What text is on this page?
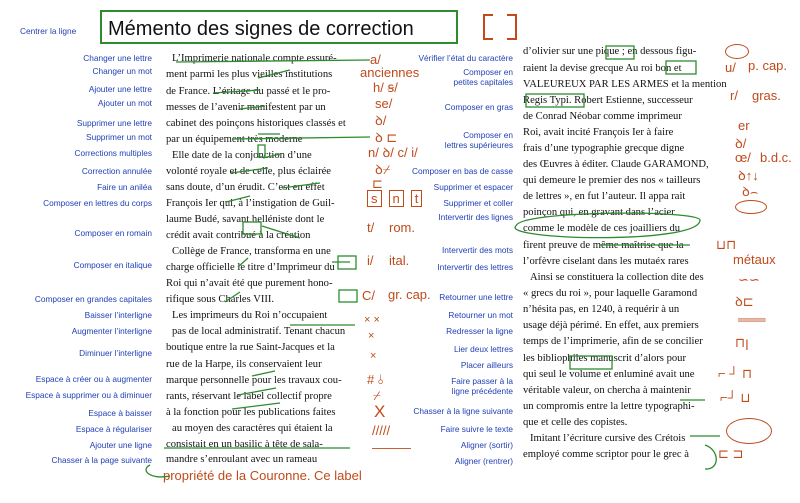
Mémento des signes de correction
Centrer la ligne
Changer une lettre
Changer un mot
Ajouter une lettre
Ajouter un mot
Supprimer une lettre
Supprimer un mot
Corrections multiples
Correction annulée
Faire un aniléa
Composer en lettres du corps
Composer en romain
Composer en italique
Composer en grandes capitales
Baisser l’interligne
Augmenter l’interligne
Diminuer l’interligne
Espace à créer ou à augmenter
Espace à supprimer ou à diminuer
Espace à baisser
Espace à régulariser
Ajouter une ligne
Chasser à la page suivante
Vérifier l’état du caractère
Composer en
petites capitales
Composer en gras
Composer en
lettres supérieures
Composer en bas de casse
Supprimer et espacer
Supprimer et coller
Intervertir des lignes
Intervertir des mots
Intervertir des lettres
Retourner une lettre
Retourner un mot
Redresser la ligne
Lier deux lettres
Placer ailleurs
Faire passer à la
ligne précédente
Chasser à la ligne suivante
Faire suivre le texte
Aligner (sortir)
Aligner (rentrer)
L’Imprimerie nationale compte essuré-
ment parmi les plus vieilles institutions
de France. L’éritage du passé et le pro-
messes de l’avenir manifestent par un
cabinet des poinçons historiques classés et
par un équipement très moderne
Elle date de la conjonction d’une
volonté royale et de celle, plus éclairée
sans doute, d’un érudit. C’est en effet
François Ier qui, à l’instigation de Guil-
laume Budé, savant helléniste dont le
crédit avait contribué à la création
Collège de France, transforma en une
charge officielle le titre d’Imprimeur du
Roi qui n’avait été que purement hono-
rifique sous Charles VIII.
Les imprimeurs du Roi n’occupaient
pas de local administratif. Tenant chacun
boutique entre la rue Saint-Jacques et la
rue de la Harpe, ils conservaient leur
marque personnelle pour les travaux cou-
rants, réservant le label collectif propre
à la fonction pour les publications faites
au moyen des caractères qui étaient la
consistait en un basilic à tête de sala-
mandre s’enroulant avec un rameau
propriété de la Couronne. Ce label
d’olivier sur une pique ; en dessous figu-
raient la devise grecque Au roi bon et
VALEUREUX PAR LES ARMES et la mention
Regis Typi. Robert Estienne, successeur
de Conrad Néobar comme imprimeur
Roi, avait incité François Ier à faire
frais d’une typographie grecque digne
des Œuvres à éditer. Claude GARAMOND,
qui demeure le premier des nos « tailleurs
de lettres », en fut l’auteur. Il appa rait
poinçon qui, en gravant dans l’acier
comme le modèle de ces joailliers du
firent preuve de même maîtrise que la
l’orfèvre ciselant dans les mutaéx rares
Ainsi se constituera la collection dite des
« grecs du roi », pour laquelle Garamond
n’hésita pas, en 1240, à requérir à un
usage déjà périmé. En effet, aux premiers
temps de l’imprimerie, afin de se concilier
les bibliophiles manuscrit d’alors pour
qui seul le volume et enluminé avait une
véritable valeur, on chercha à maintenir
un compromis entre la lettre typographi-
que et celle des copistes.
Imitant l’écriture cursive des Crétois
employé comme scriptor pour le grec à
a/
anciennes
h/ ꞩ/
se/
ꝺ/
ꝺ ⊏
n/ ꝺ/ c/ i/
ꝺ⌿
⊏
s n t
t/ rom.
i/ ital.
C/ gr. cap.
× ×
×
×
# ⫰
⌿
X
/////
———
u/ p. cap.
r/ gras.
er
ꝺ/
œ/ b.d.c.
ꝺ↑↓
ꝺ⌢
⊔⊓
métaux
∽∽
ꝺ⊏
═══
⊓ꞁ
⌐ ┘ ⊓
⌐┘ ⊔
⊏ ⊐
